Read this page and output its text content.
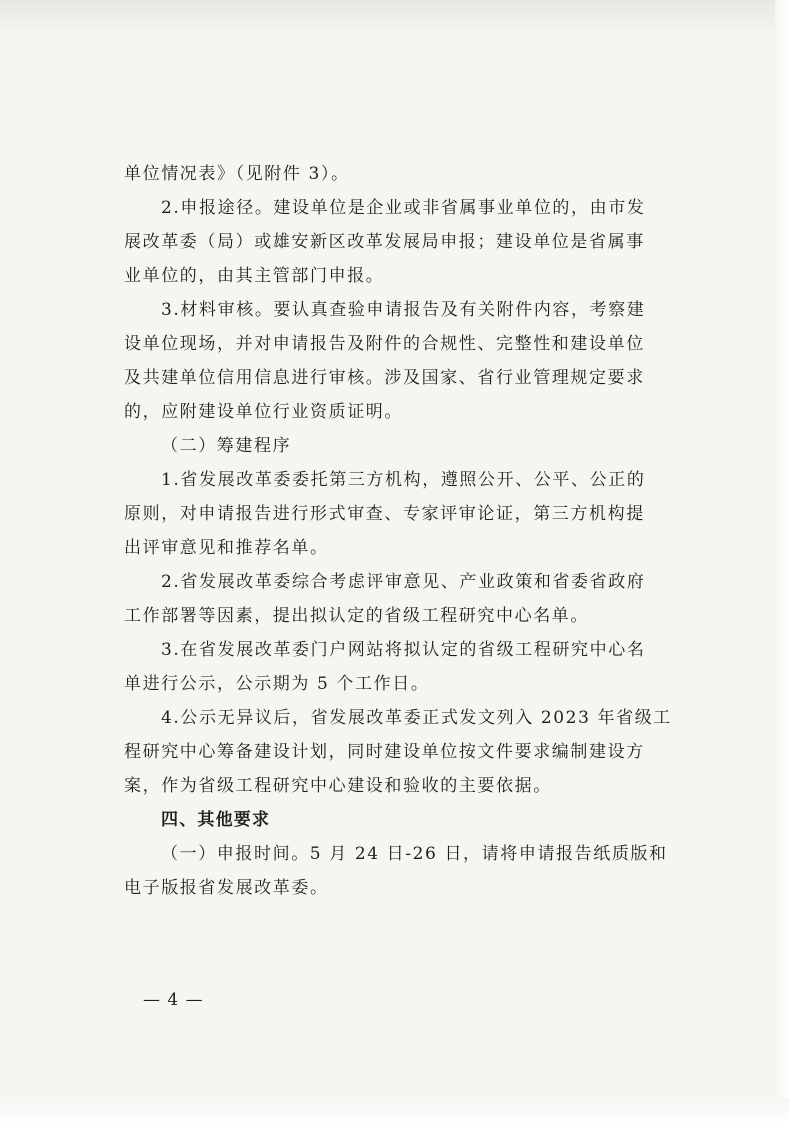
单位情况表》（见附件 3）。
2.申报途径。建设单位是企业或非省属事业单位的，由市发
展改革委（局）或雄安新区改革发展局申报；建设单位是省属事
业单位的，由其主管部门申报。
3.材料审核。要认真查验申请报告及有关附件内容，考察建
设单位现场，并对申请报告及附件的合规性、完整性和建设单位
及共建单位信用信息进行审核。涉及国家、省行业管理规定要求
的，应附建设单位行业资质证明。
（二）筹建程序
1.省发展改革委委托第三方机构，遵照公开、公平、公正的
原则，对申请报告进行形式审查、专家评审论证，第三方机构提
出评审意见和推荐名单。
2.省发展改革委综合考虑评审意见、产业政策和省委省政府
工作部署等因素，提出拟认定的省级工程研究中心名单。
3.在省发展改革委门户网站将拟认定的省级工程研究中心名
单进行公示，公示期为 5 个工作日。
4.公示无异议后，省发展改革委正式发文列入 2023 年省级工
程研究中心筹备建设计划，同时建设单位按文件要求编制建设方
案，作为省级工程研究中心建设和验收的主要依据。
四、其他要求
（一）申报时间。5 月 24 日-26 日，请将申请报告纸质版和
电子版报省发展改革委。
— 4 —
